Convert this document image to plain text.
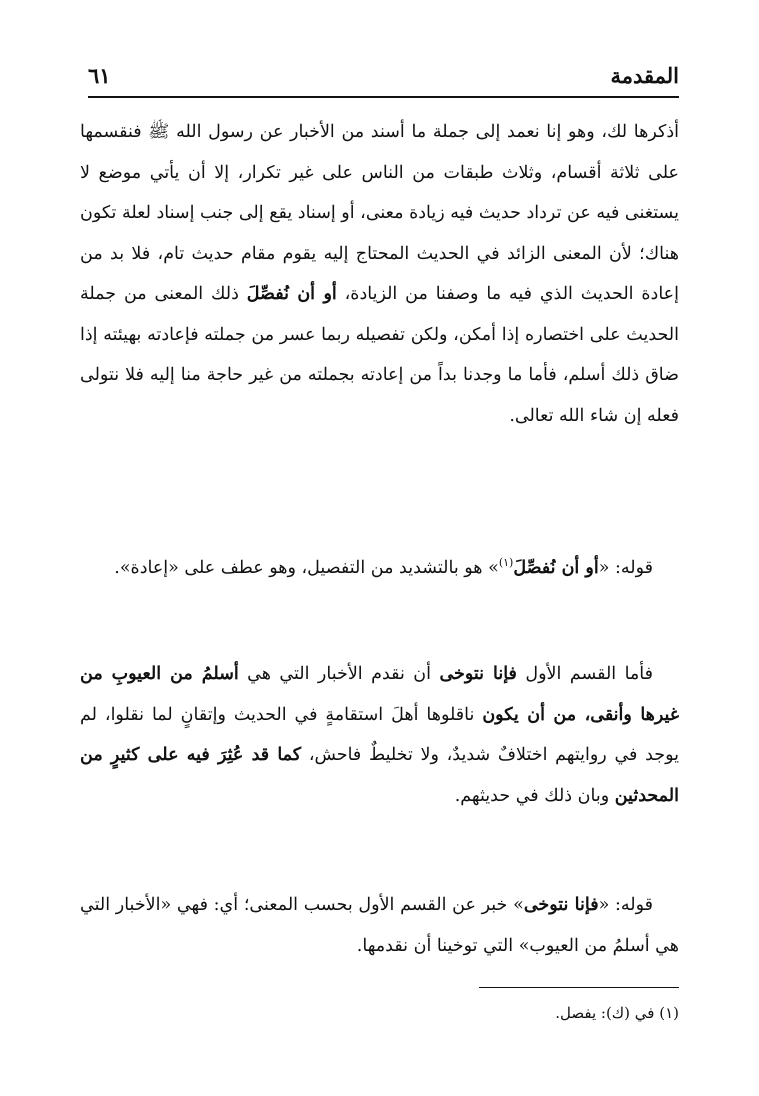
المقدمة
٦١

أذكرها لك، وهو إنا نعمد إلى جملة ما أسند من الأخبار عن رسول الله ﷺ فنقسمها على ثلاثة أقسام، وثلاث طبقات من الناس على غير تكرار، إلا أن يأتي موضع لا يستغنى فيه عن ترداد حديث فيه زيادة معنى، أو إسناد يقع إلى جنب إسناد لعلة تكون هناك؛ لأن المعنى الزائد في الحديث المحتاج إليه يقوم مقام حديث تام، فلا بد من إعادة الحديث الذي فيه ما وصفنا من الزيادة، أو أن نُفصِّلَ ذلك المعنى من جملة الحديث على اختصاره إذا أمكن، ولكن تفصيله ربما عسر من جملته فإعادته بهيئته إذا ضاق ذلك أسلم، فأما ما وجدنا بداً من إعادته بجملته من غير حاجة منا إليه فلا نتولى فعله إن شاء الله تعالى.

قوله: «أو أن نُفصِّلَ$^{(١)}$» هو بالتشديد من التفصيل، وهو عطف على «إعادة».

فأما القسم الأول فإنا نتوخى أن نقدم الأخبار التي هي أسلمُ من العيوبِ من غيرها وأنقى، من أن يكون ناقلوها أهلَ استقامةٍ في الحديث وإتقانٍ لما نقلوا، لم يوجد في روايتهم اختلافٌ شديدٌ، ولا تخليطٌ فاحش، كما قد عُثِرَ فيه على كثيرٍ من المحدثين وبان ذلك في حديثهم.

قوله: «فإنا نتوخى» خبر عن القسم الأول بحسب المعنى؛ أي: فهي «الأخبار التي هي أسلمُ من العيوب» التي توخينا أن نقدمها.

(١) في (ك): يفصل.
